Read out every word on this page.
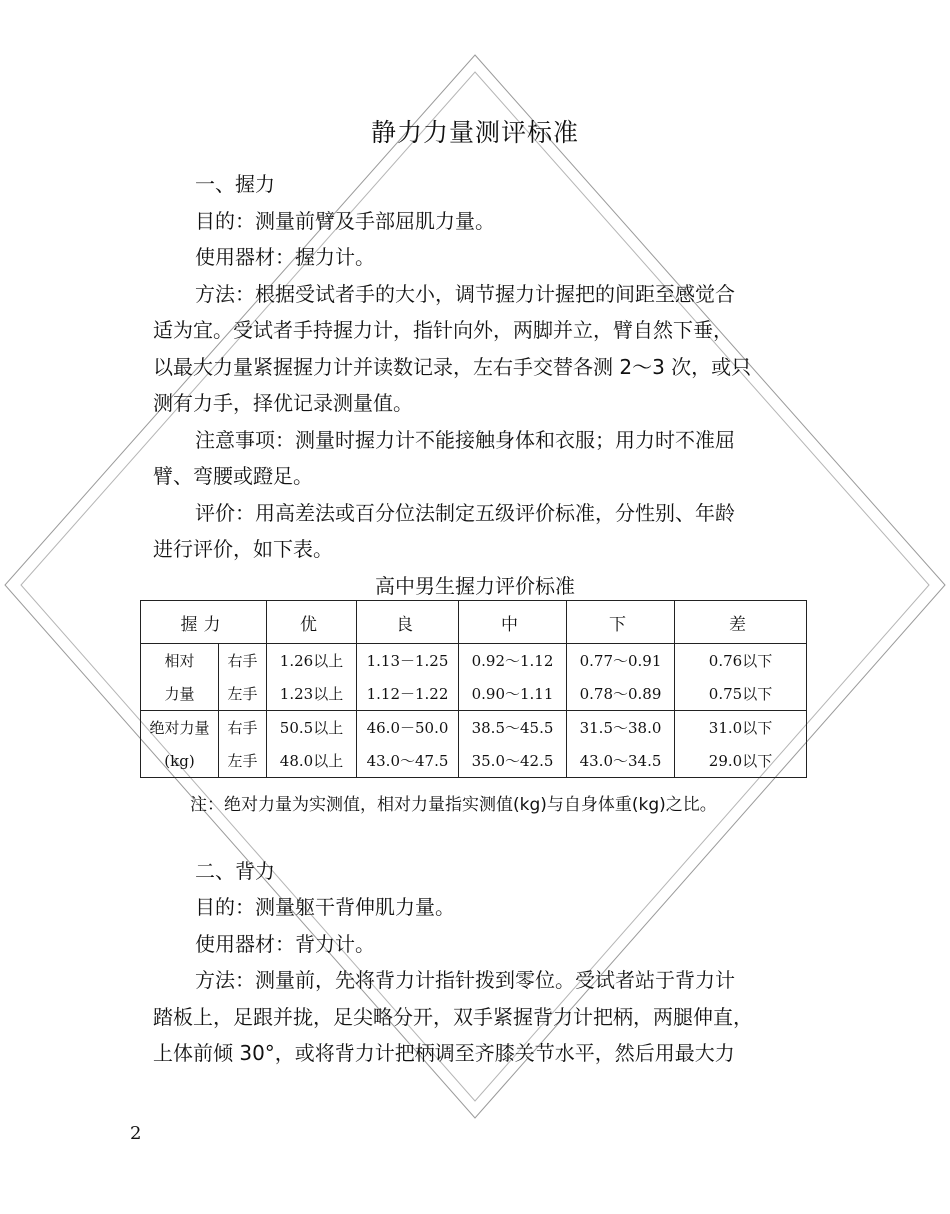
静力力量测评标准
一、握力
目的：测量前臂及手部屈肌力量。
使用器材：握力计。
方法：根据受试者手的大小，调节握力计握把的间距至感觉合
适为宜。受试者手持握力计，指针向外，两脚并立，臂自然下垂，
以最大力量紧握握力计并读数记录，左右手交替各测 2～3 次，或只
测有力手，择优记录测量值。
注意事项：测量时握力计不能接触身体和衣服；用力时不准屈
臂、弯腰或蹬足。
评价：用高差法或百分位法制定五级评价标准，分性别、年龄
进行评价，如下表。
高中男生握力评价标准
握力		优	良	中	下	差
相对	右手	1.26以上	1.13－1.25	0.92～1.12	0.77～0.91	0.76以下
力量	左手	1.23以上	1.12－1.22	0.90～1.11	0.78～0.89	0.75以下
绝对力量	右手	50.5以上	46.0－50.0	38.5～45.5	31.5～38.0	31.0以下
(kg)	左手	48.0以上	43.0～47.5	35.0～42.5	43.0～34.5	29.0以下
注：绝对力量为实测值，相对力量指实测值(kg)与自身体重(kg)之比。
二、背力
目的：测量躯干背伸肌力量。
使用器材：背力计。
方法：测量前，先将背力计指针拨到零位。受试者站于背力计
踏板上，足跟并拢，足尖略分开，双手紧握背力计把柄，两腿伸直，
上体前倾 30°，或将背力计把柄调至齐膝关节水平，然后用最大力
2
